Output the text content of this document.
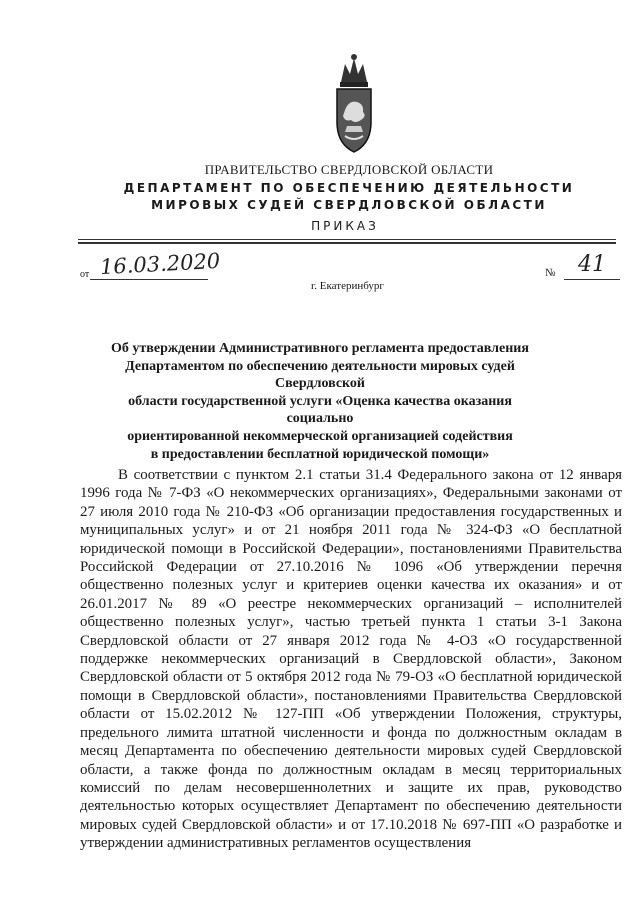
ПРАВИТЕЛЬСТВО СВЕРДЛОВСКОЙ ОБЛАСТИ
ДЕПАРТАМЕНТ ПО ОБЕСПЕЧЕНИЮ ДЕЯТЕЛЬНОСТИ
МИРОВЫХ СУДЕЙ СВЕРДЛОВСКОЙ ОБЛАСТИ
ПРИКАЗ
от 16.03.2020	№ 41
г. Екатеринбург
Об утверждении Административного регламента предоставления
Департаментом по обеспечению деятельности мировых судей Свердловской
области государственной услуги «Оценка качества оказания социально
ориентированной некоммерческой организацией содействия
в предоставлении бесплатной юридической помощи»
В соответствии с пунктом 2.1 статьи 31.4 Федерального закона от 12 января 1996 года № 7-ФЗ «О некоммерческих организациях», Федеральными законами от 27 июля 2010 года № 210-ФЗ «Об организации предоставления государственных и муниципальных услуг» и от 21 ноября 2011 года № 324-ФЗ «О бесплатной юридической помощи в Российской Федерации», постановлениями Правительства Российской Федерации от 27.10.2016 № 1096 «Об утверждении перечня общественно полезных услуг и критериев оценки качества их оказания» и от 26.01.2017 № 89 «О реестре некоммерческих организаций – исполнителей общественно полезных услуг», частью третьей пункта 1 статьи 3-1 Закона Свердловской области от 27 января 2012 года № 4-ОЗ «О государственной поддержке некоммерческих организаций в Свердловской области», Законом Свердловской области от 5 октября 2012 года № 79-ОЗ «О бесплатной юридической помощи в Свердловской области», постановлениями Правительства Свердловской области от 15.02.2012 № 127-ПП «Об утверждении Положения, структуры, предельного лимита штатной численности и фонда по должностным окладам в месяц Департамента по обеспечению деятельности мировых судей Свердловской области, а также фонда по должностным окладам в месяц территориальных комиссий по делам несовершеннолетних и защите их прав, руководство деятельностью которых осуществляет Департамент по обеспечению деятельности мировых судей Свердловской области» и от 17.10.2018 № 697-ПП «О разработке и утверждении административных регламентов осуществления
